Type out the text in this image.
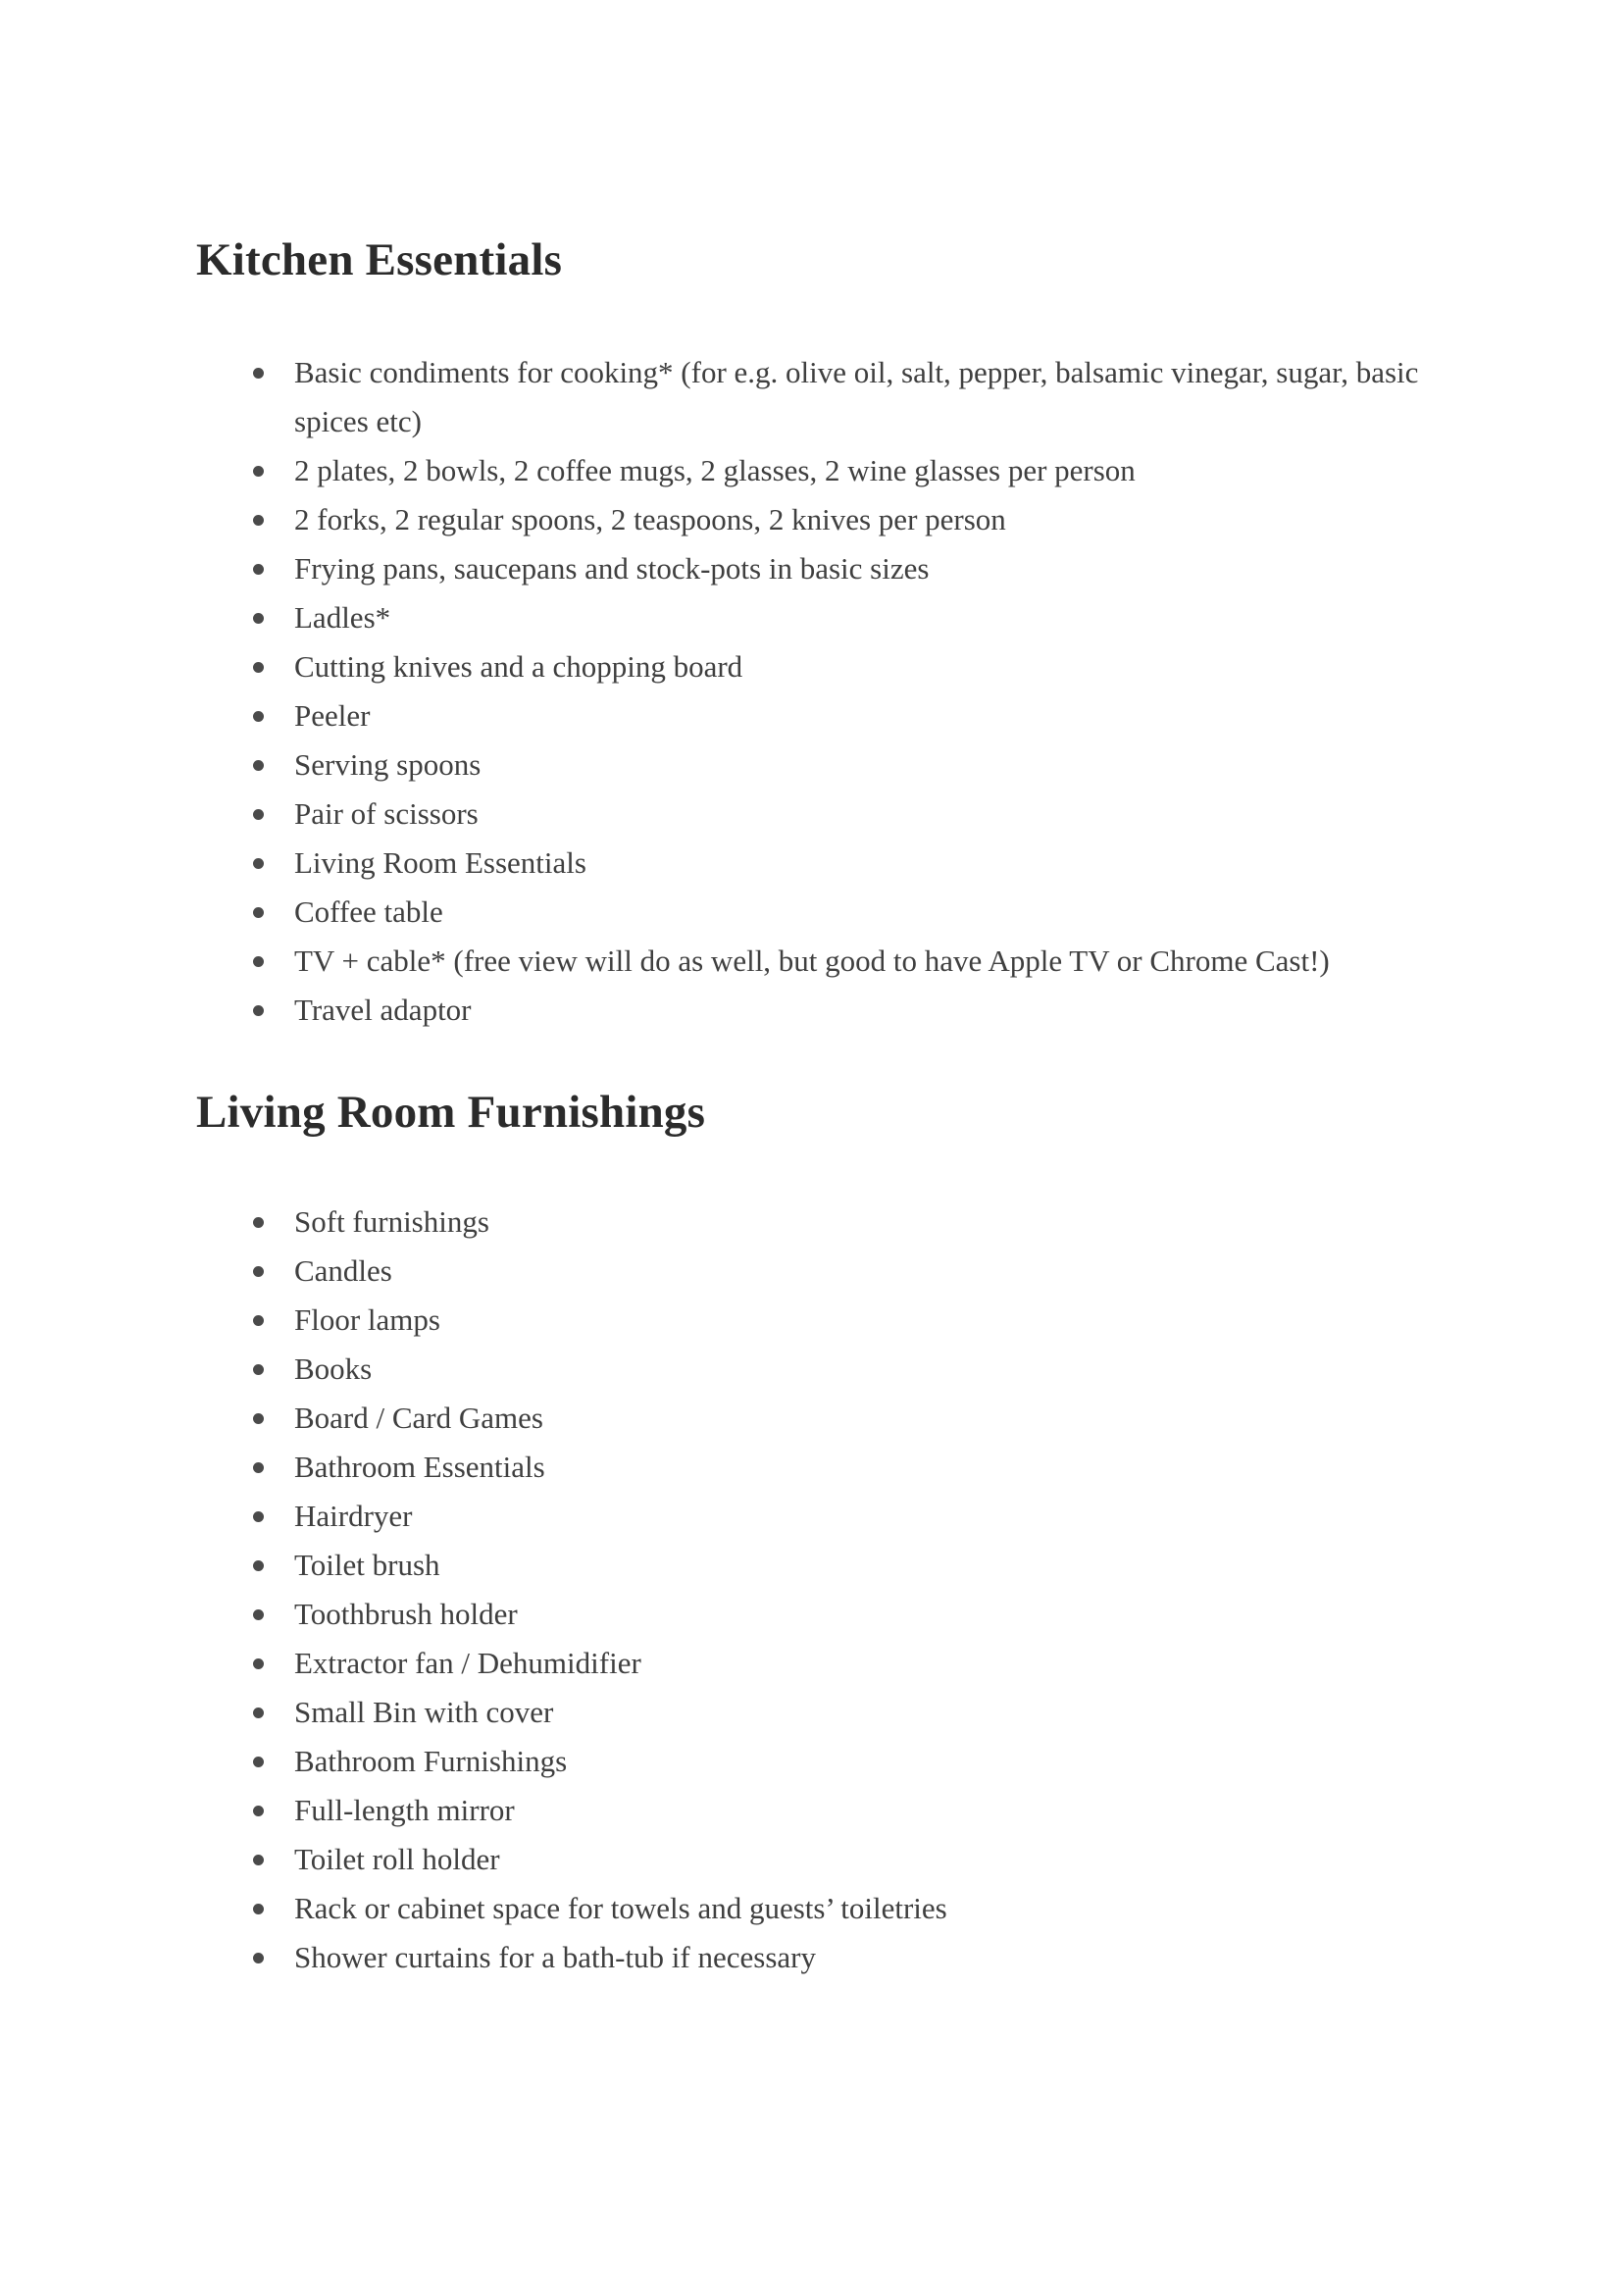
Kitchen Essentials
Basic condiments for cooking* (for e.g. olive oil, salt, pepper, balsamic vinegar, sugar, basic spices etc)
2 plates, 2 bowls, 2 coffee mugs, 2 glasses, 2 wine glasses per person
2 forks, 2 regular spoons, 2 teaspoons, 2 knives per person
Frying pans, saucepans and stock-pots in basic sizes
Ladles*
Cutting knives and a chopping board
Peeler
Serving spoons
Pair of scissors
Living Room Essentials
Coffee table
TV + cable* (free view will do as well, but good to have Apple TV or Chrome Cast!)
Travel adaptor
Living Room Furnishings
Soft furnishings
Candles
Floor lamps
Books
Board / Card Games
Bathroom Essentials
Hairdryer
Toilet brush
Toothbrush holder
Extractor fan / Dehumidifier
Small Bin with cover
Bathroom Furnishings
Full-length mirror
Toilet roll holder
Rack or cabinet space for towels and guests’ toiletries
Shower curtains for a bath-tub if necessary
